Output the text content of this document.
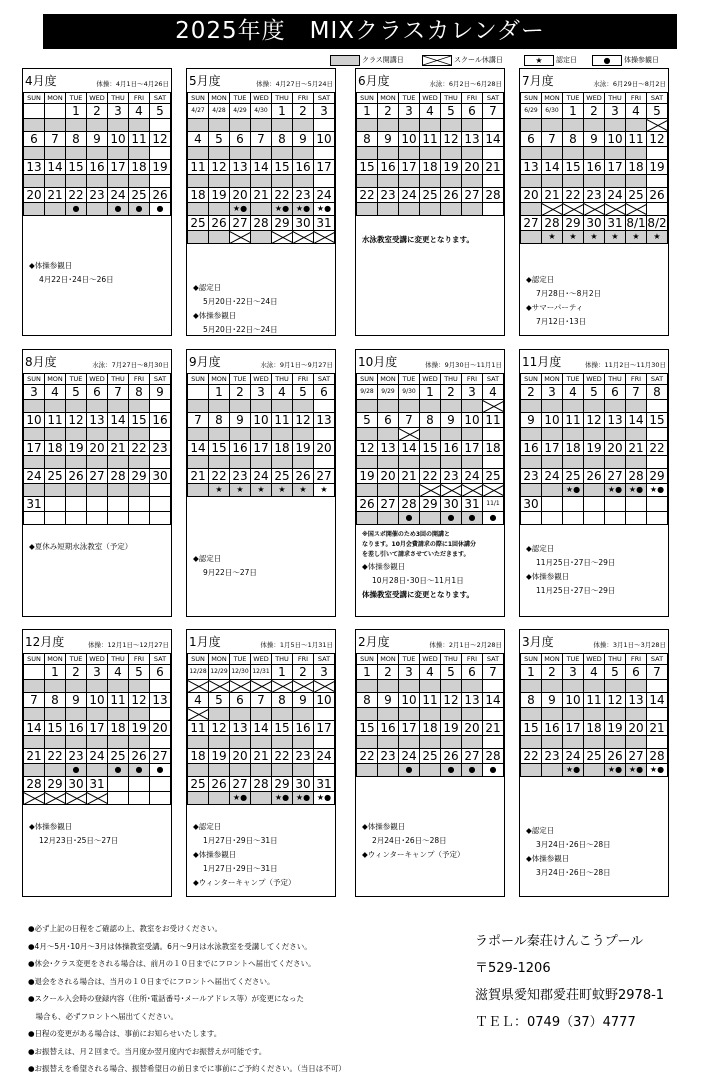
2025年度　MIXクラスカレンダー
クラス開講日	スクール休講日	★	認定日	●	体操参観日
4月度	体操：4月1日～4月26日
SUN	MON	TUE	WED	THU	FRI	SAT
		1	2	3	4	5

6	7	8	9	10	11	12

13	14	15	16	17	18	19

20	21	22	23	24	25	26
		●		●	●	●
◆体操参観日
4月22日･24日～26日
5月度	体操：4月27日～5月24日
SUN	MON	TUE	WED	THU	FRI	SAT
4/27	4/28	4/29	4/30	1	2	3

4	5	6	7	8	9	10

11	12	13	14	15	16	17

18	19	20	21	22	23	24
		★●		★●	★●	★●
25	26	27	28	29	30	31

◆認定日
5月20日･22日～24日
◆体操参観日
5月20日･22日～24日
6月度	水泳：6月2日～6月28日
SUN	MON	TUE	WED	THU	FRI	SAT
1	2	3	4	5	6	7

8	9	10	11	12	13	14

15	16	17	18	19	20	21

22	23	24	25	26	27	28

水泳教室受講に変更となります。
7月度	水泳：6月29日～8月2日
SUN	MON	TUE	WED	THU	FRI	SAT
6/29	6/30	1	2	3	4	5

6	7	8	9	10	11	12

13	14	15	16	17	18	19

20	21	22	23	24	25	26

27	28	29	30	31	8/1	8/2
	★	★	★	★	★	★
◆認定日
7月28日･～8月2日
◆サマーパーティ
7月12日･13日
8月度	水泳：7月27日～8月30日
SUN	MON	TUE	WED	THU	FRI	SAT
3	4	5	6	7	8	9

10	11	12	13	14	15	16

17	18	19	20	21	22	23

24	25	26	27	28	29	30

31						

◆夏休み短期水泳教室（予定）
9月度	水泳：9月1日～9月27日
SUN	MON	TUE	WED	THU	FRI	SAT
	1	2	3	4	5	6

7	8	9	10	11	12	13

14	15	16	17	18	19	20

21	22	23	24	25	26	27
	★	★	★	★	★	★
◆認定日
9月22日～27日
10月度	体操：9月30日～11月1日
SUN	MON	TUE	WED	THU	FRI	SAT
9/28	9/29	9/30	1	2	3	4

5	6	7	8	9	10	11

12	13	14	15	16	17	18

19	20	21	22	23	24	25

26	27	28	29	30	31	11/1
		●		●	●	●
※国スポ開催のため3回の開講と
なります。10月会費請求の際に1回休講分
を差し引いて請求させていただきます。
◆体操参観日
10月28日･30日～11月1日
体操教室受講に変更となります。
11月度	体操：11月2日～11月30日
SUN	MON	TUE	WED	THU	FRI	SAT
2	3	4	5	6	7	8

9	10	11	12	13	14	15

16	17	18	19	20	21	22

23	24	25	26	27	28	29
		★●		★●	★●	★●
30						

◆認定日
11月25日･27日～29日
◆体操参観日
11月25日･27日～29日
12月度	体操：12月1日～12月27日
SUN	MON	TUE	WED	THU	FRI	SAT
	1	2	3	4	5	6

7	8	9	10	11	12	13

14	15	16	17	18	19	20

21	22	23	24	25	26	27
		●		●	●	●
28	29	30	31			

◆体操参観日
12月23日･25日～27日
1月度	体操：1月5日～1月31日
SUN	MON	TUE	WED	THU	FRI	SAT
12/28	12/29	12/30	12/31	1	2	3

4	5	6	7	8	9	10

11	12	13	14	15	16	17

18	19	20	21	22	23	24

25	26	27	28	29	30	31
		★●		★●	★●	★●
◆認定日
1月27日･29日～31日
◆体操参観日
1月27日･29日～31日
◆ウィンターキャンプ（予定）
2月度	体操：2月1日～2月28日
SUN	MON	TUE	WED	THU	FRI	SAT
1	2	3	4	5	6	7

8	9	10	11	12	13	14

15	16	17	18	19	20	21

22	23	24	25	26	27	28
		●		●	●	●
◆体操参観日
2月24日･26日～28日
◆ウィンターキャンプ（予定）
3月度	体操：3月1日～3月28日
SUN	MON	TUE	WED	THU	FRI	SAT
1	2	3	4	5	6	7

8	9	10	11	12	13	14

15	16	17	18	19	20	21

22	23	24	25	26	27	28
		★●		★●	★●	★●
◆認定日
3月24日･26日～28日
◆体操参観日
3月24日･26日～28日
●必ず上記の日程をご確認の上、教室をお受けください。
●4月～5月･10月～3月は体操教室受講。6月～9月は水泳教室を受講してください。
●休会･クラス変更をされる場合は、前月の１０日までにフロントへ届出てください。
●退会をされる場合は、当月の１０日までにフロントへ届出てください。
●スクール入会時の登録内容（住所･電話番号･メールアドレス等）が変更になった
　場合も、必ずフロントへ届出てください。
●日程の変更がある場合は、事前にお知らせいたします。
●お振替えは、月２回まで。当月度か翌月度内でお振替えが可能です。
●お振替えを希望される場合、振替希望日の前日までに事前にご予約ください。（当日は不可）
ラポール秦荘けんこうプール
〒529-1206
滋賀県愛知郡愛荘町蚊野2978-1
ＴＥＬ：0749（37）4777
